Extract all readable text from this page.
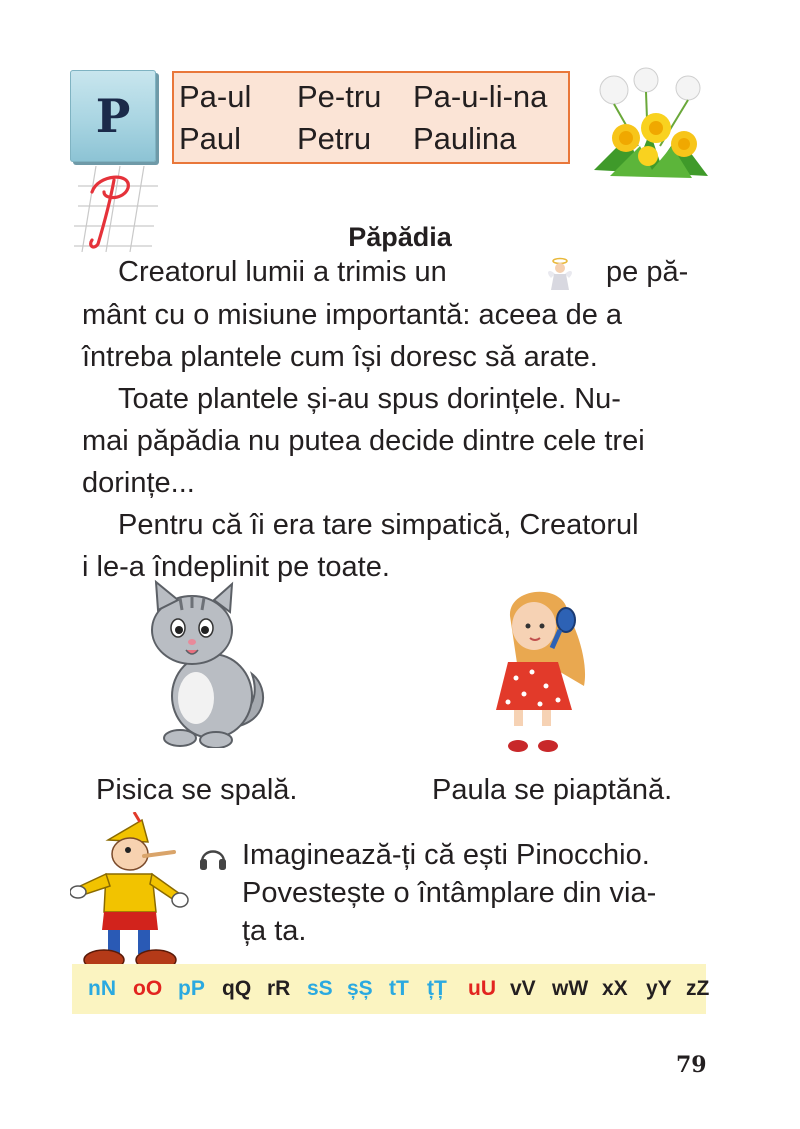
P	Pa-ul Pe-tru Pa-u-li-na
Paul Petru Paulina
Păpădia
Creatorul lumii a trimis un	pe pă-
mânt cu o misiune importantă: aceea de a
întreba plantele cum își doresc să arate.
Toate plantele și-au spus dorințele. Nu-
mai păpădia nu putea decide dintre cele trei
dorințe...
Pentru că îi era tare simpatică, Creatorul
i le-a îndeplinit pe toate.
Pisica se spală.	Paula se piaptănă.
Imaginează-ți că ești Pinocchio.
Povestește o întâmplare din via-
ța ta.
nN oO pP qQ rR sS șȘ tT țȚ uU vV wW xX yY zZ
79
